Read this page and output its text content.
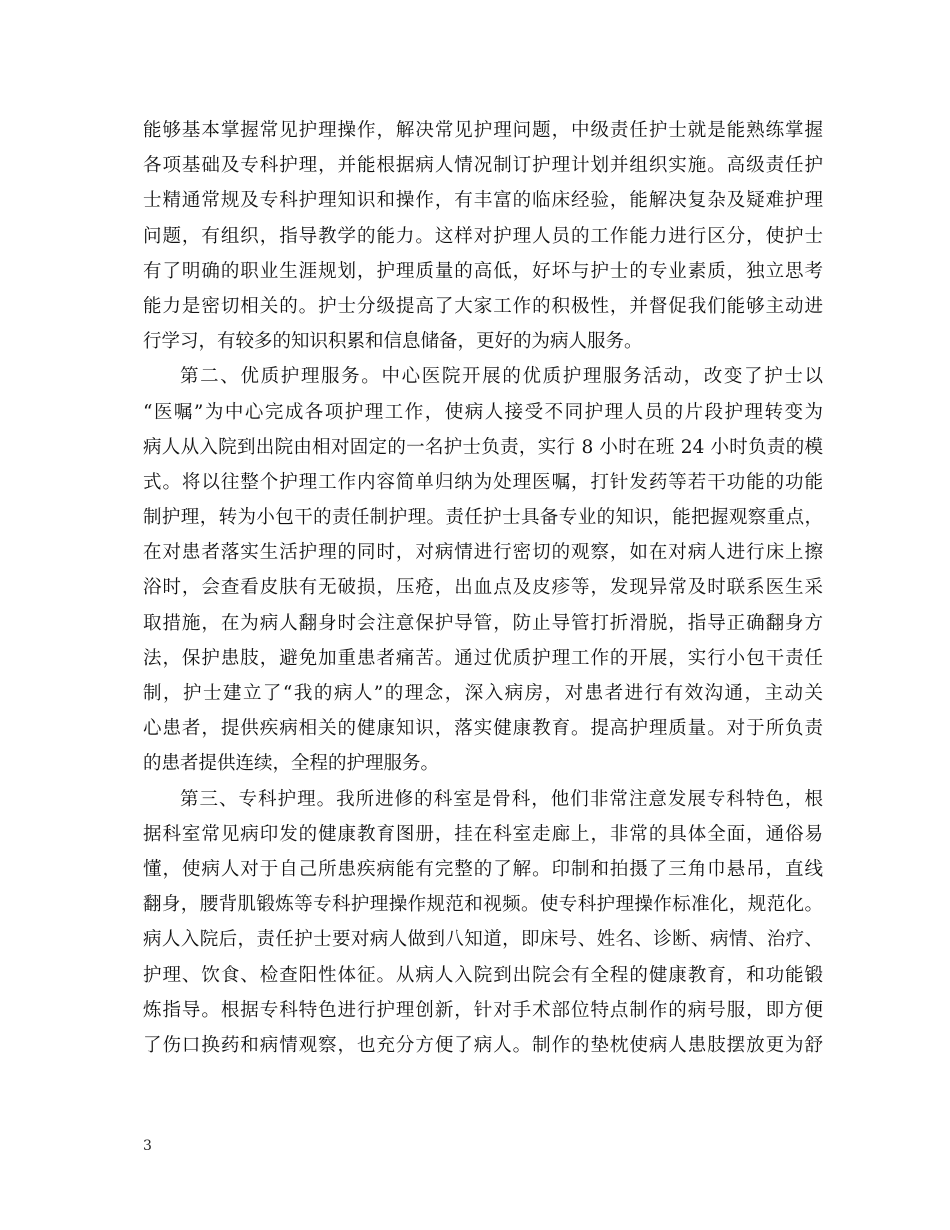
能够基本掌握常见护理操作，解决常见护理问题，中级责任护士就是能熟练掌握
各项基础及专科护理，并能根据病人情况制订护理计划并组织实施。高级责任护
士精通常规及专科护理知识和操作，有丰富的临床经验，能解决复杂及疑难护理
问题，有组织，指导教学的能力。这样对护理人员的工作能力进行区分，使护士
有了明确的职业生涯规划，护理质量的高低，好坏与护士的专业素质，独立思考
能力是密切相关的。护士分级提高了大家工作的积极性，并督促我们能够主动进
行学习，有较多的知识积累和信息储备，更好的为病人服务。
第二、优质护理服务。中心医院开展的优质护理服务活动，改变了护士以
“医嘱”为中心完成各项护理工作，使病人接受不同护理人员的片段护理转变为
病人从入院到出院由相对固定的一名护士负责，实行 8 小时在班 24 小时负责的模
式。将以往整个护理工作内容简单归纳为处理医嘱，打针发药等若干功能的功能
制护理，转为小包干的责任制护理。责任护士具备专业的知识，能把握观察重点，
在对患者落实生活护理的同时，对病情进行密切的观察，如在对病人进行床上擦
浴时，会查看皮肤有无破损，压疮，出血点及皮疹等，发现异常及时联系医生采
取措施，在为病人翻身时会注意保护导管，防止导管打折滑脱，指导正确翻身方
法，保护患肢，避免加重患者痛苦。通过优质护理工作的开展，实行小包干责任
制，护士建立了“我的病人”的理念，深入病房，对患者进行有效沟通，主动关
心患者，提供疾病相关的健康知识，落实健康教育。提高护理质量。对于所负责
的患者提供连续，全程的护理服务。
第三、专科护理。我所进修的科室是骨科，他们非常注意发展专科特色，根
据科室常见病印发的健康教育图册，挂在科室走廊上，非常的具体全面，通俗易
懂，使病人对于自己所患疾病能有完整的了解。印制和拍摄了三角巾悬吊，直线
翻身，腰背肌锻炼等专科护理操作规范和视频。使专科护理操作标准化，规范化。
病人入院后，责任护士要对病人做到八知道，即床号、姓名、诊断、病情、治疗、
护理、饮食、检查阳性体征。从病人入院到出院会有全程的健康教育，和功能锻
炼指导。根据专科特色进行护理创新，针对手术部位特点制作的病号服，即方便
了伤口换药和病情观察，也充分方便了病人。制作的垫枕使病人患肢摆放更为舒
3
